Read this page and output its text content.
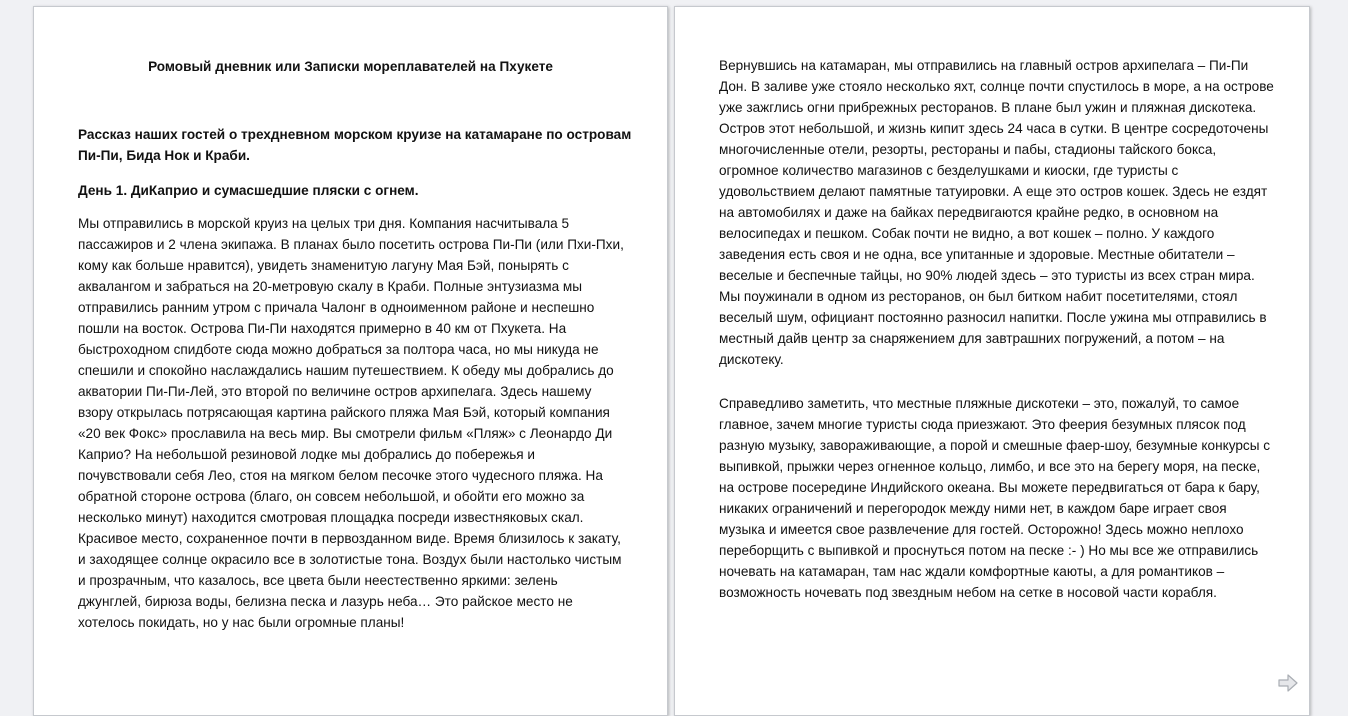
Ромовый дневник или Записки мореплавателей на Пхукете
Рассказ наших гостей о трехдневном морском круизе на катамаране по островам Пи-Пи, Бида Нок и Краби.
День 1. ДиКаприо и сумасшедшие пляски с огнем.

Мы отправились в морской круиз на целых три дня. Компания насчитывала 5 пассажиров и 2 члена экипажа. В планах было посетить острова Пи-Пи (или Пхи-Пхи, кому как больше нравится), увидеть знаменитую лагуну Мая Бэй, понырять с аквалангом и забраться на 20-метровую скалу в Краби. Полные энтузиазма мы отправились ранним утром с причала Чалонг в одноименном районе и неспешно пошли на восток. Острова Пи-Пи находятся примерно в 40 км от Пхукета. На быстроходном спидботе сюда можно добраться за полтора часа, но мы никуда не спешили и спокойно наслаждались нашим путешествием. К обеду мы добрались до акватории Пи-Пи-Лей, это второй по величине остров архипелага. Здесь нашему взору открылась потрясающая картина райского пляжа Мая Бэй, который компания «20 век Фокс» прославила на весь мир. Вы смотрели фильм «Пляж» с Леонардо Ди Каприо? На небольшой резиновой лодке мы добрались до побережья и почувствовали себя Лео, стоя на мягком белом песочке этого чудесного пляжа. На обратной стороне острова (благо, он совсем небольшой, и обойти его можно за несколько минут) находится смотровая площадка посреди известняковых скал. Красивое место, сохраненное почти в первозданном виде. Время близилось к закату, и заходящее солнце окрасило все в золотистые тона. Воздух были настолько чистым и прозрачным, что казалось, все цвета были неестественно яркими: зелень джунглей, бирюза воды, белизна песка и лазурь неба… Это райское место не хотелось покидать, но у нас были огромные планы!

Вернувшись на катамаран, мы отправились на главный остров архипелага – Пи-Пи Дон. В заливе уже стояло несколько яхт, солнце почти спустилось в море, а на острове уже зажглись огни прибрежных ресторанов. В плане был ужин и пляжная дискотека. Остров этот небольшой, и жизнь кипит здесь 24 часа в сутки. В центре сосредоточены многочисленные отели, резорты, рестораны и пабы, стадионы тайского бокса, огромное количество магазинов с безделушками и киоски, где туристы с удовольствием делают памятные татуировки. А еще это остров кошек. Здесь не ездят на автомобилях и даже на байках передвигаются крайне редко, в основном на велосипедах и пешком. Собак почти не видно, а вот кошек – полно. У каждого заведения есть своя и не одна, все упитанные и здоровые. Местные обитатели – веселые и беспечные тайцы, но 90% людей здесь – это туристы из всех стран мира. Мы поужинали в одном из ресторанов, он был битком набит посетителями, стоял веселый шум, официант постоянно разносил напитки. После ужина мы отправились в местный дайв центр за снаряжением для завтрашних погружений, а потом – на дискотеку.

Справедливо заметить, что местные пляжные дискотеки – это, пожалуй, то самое главное, зачем многие туристы сюда приезжают. Это феерия безумных плясок под разную музыку, завораживающие, а порой и смешные фаер-шоу, безумные конкурсы с выпивкой, прыжки через огненное кольцо, лимбо, и все это на берегу моря, на песке, на острове посередине Индийского океана. Вы можете передвигаться от бара к бару, никаких ограничений и перегородок между ними нет, в каждом баре играет своя музыка и имеется свое развлечение для гостей. Осторожно! Здесь можно неплохо переборщить с выпивкой и проснуться потом на песке :- ) Но мы все же отправились ночевать на катамаран, там нас ждали комфортные каюты, а для романтиков – возможность ночевать под звездным небом на сетке в носовой части корабля.
